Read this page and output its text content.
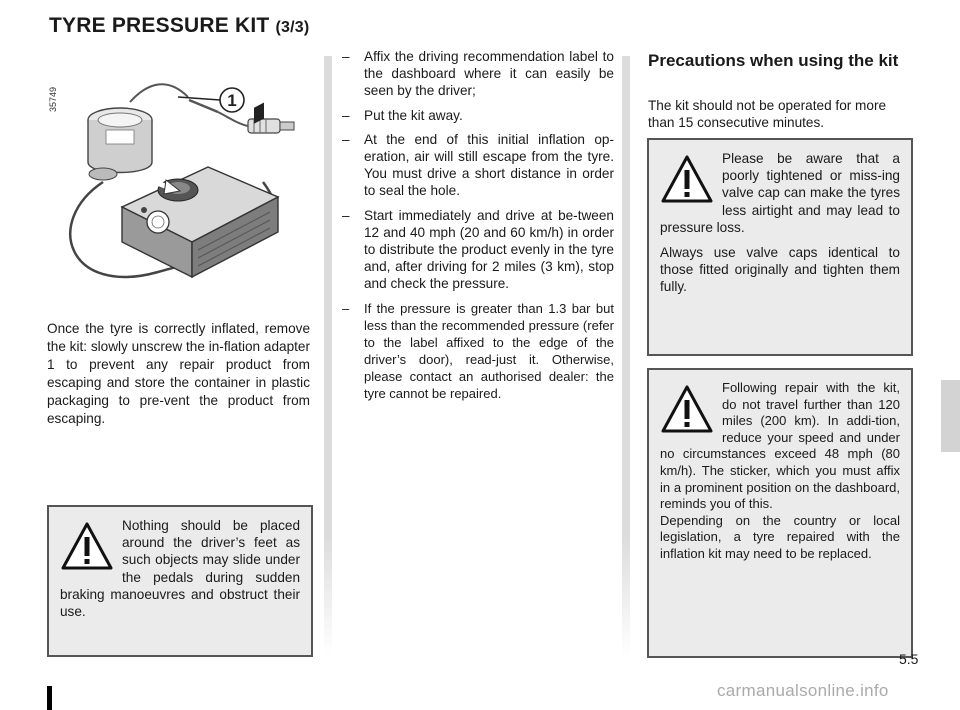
TYRE PRESSURE KIT (3/3)
35749	1

Once the tyre is correctly inflated, remove the kit: slowly unscrew the in-flation adapter 1 to prevent any repair product from escaping and store the container in plastic packaging to pre-vent the product from escaping.

– Affix the driving recommendation label to the dashboard where it can easily be seen by the driver;
– Put the kit away.
– At the end of this initial inflation op-eration, air will still escape from the tyre. You must drive a short distance in order to seal the hole.
– Start immediately and drive at be-tween 12 and 40 mph (20 and 60 km/h) in order to distribute the product evenly in the tyre and, after driving for 2 miles (3 km), stop and check the pressure.
– If the pressure is greater than 1.3 bar but less than the recommended pressure (refer to the label affixed to the edge of the driver’s door), read-just it. Otherwise, please contact an authorised dealer: the tyre cannot be repaired.
Precautions when using the kit

The kit should not be operated for more than 15 consecutive minutes.

Nothing should be placed around the driver’s feet as such objects may slide under the pedals during sudden braking manoeuvres and obstruct their use.

Please be aware that a poorly tightened or miss-ing valve cap can make the tyres less airtight and may lead to pressure loss.

Always use valve caps identical to those fitted originally and tighten them fully.

Following repair with the kit, do not travel further than 120 miles (200 km). In addi-tion, reduce your speed and under no circumstances exceed 48 mph (80 km/h). The sticker, which you must affix in a prominent position on the dashboard, reminds you of this.

Depending on the country or local legislation, a tyre repaired with the inflation kit may need to be replaced.

5.5
carmanualsonline.info
